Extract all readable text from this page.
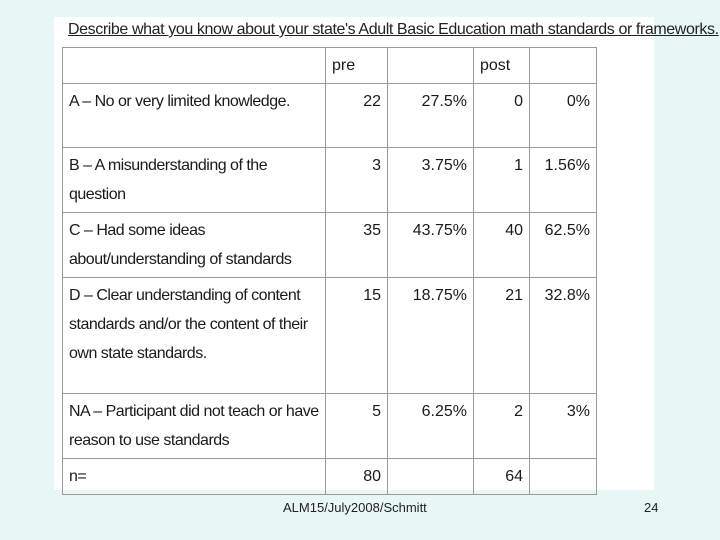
Describe what you know about your state's Adult Basic Education math standards or frameworks.
	pre		post	
A – No or very limited knowledge.	22	27.5%	0	0%
B – A misunderstanding of the question	3	3.75%	1	1.56%
C – Had some ideas about/understanding of standards	35	43.75%	40	62.5%
D – Clear understanding of content standards and/or the content of their own state standards.	15	18.75%	21	32.8%
NA – Participant did not teach or have reason to use standards	5	6.25%	2	3%
n=	80		64	
ALM15/July2008/Schmitt	24
